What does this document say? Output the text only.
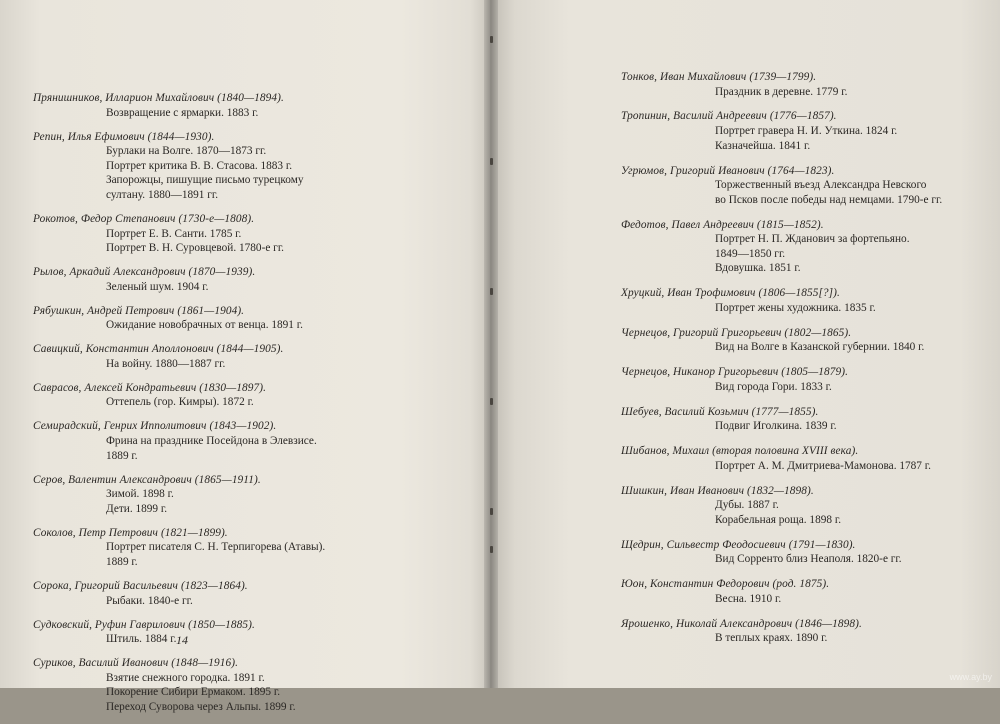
Прянишников, Илларион Михайлович (1840—1894).
Возвращение с ярмарки. 1883 г.
Репин, Илья Ефимович (1844—1930).
Бурлаки на Волге. 1870—1873 гг.
Портрет критика В. В. Стасова. 1883 г.
Запорожцы, пишущие письмо турецкому
султану. 1880—1891 гг.
Рокотов, Федор Степанович (1730-е—1808).
Портрет Е. В. Санти. 1785 г.
Портрет В. Н. Суровцевой. 1780-е гг.
Рылов, Аркадий Александрович (1870—1939).
Зеленый шум. 1904 г.
Рябушкин, Андрей Петрович (1861—1904).
Ожидание новобрачных от венца. 1891 г.
Савицкий, Константин Аполлонович (1844—1905).
На войну. 1880—1887 гг.
Саврасов, Алексей Кондратьевич (1830—1897).
Оттепель (гор. Кимры). 1872 г.
Семирадский, Генрих Ипполитович (1843—1902).
Фрина на празднике Посейдона в Элевзисе.
1889 г.
Серов, Валентин Александрович (1865—1911).
Зимой. 1898 г.
Дети. 1899 г.
Соколов, Петр Петрович (1821—1899).
Портрет писателя С. Н. Терпигорева (Атавы).
1889 г.
Сорока, Григорий Васильевич (1823—1864).
Рыбаки. 1840-е гг.
Судковский, Руфин Гаврилович (1850—1885).
Штиль. 1884 г.
Суриков, Василий Иванович (1848—1916).
Взятие снежного городка. 1891 г.
Покорение Сибири Ермаком. 1895 г.
Переход Суворова через Альпы. 1899 г.
Тонков, Иван Михайлович (1739—1799).
Праздник в деревне. 1779 г.
Тропинин, Василий Андреевич (1776—1857).
Портрет гравера Н. И. Уткина. 1824 г.
Казначейша. 1841 г.
Угрюмов, Григорий Иванович (1764—1823).
Торжественный въезд Александра Невского
во Псков после победы над немцами. 1790-е гг.
Федотов, Павел Андреевич (1815—1852).
Портрет Н. П. Жданович за фортепьяно.
1849—1850 гг.
Вдовушка. 1851 г.
Хруцкий, Иван Трофимович (1806—1855[?]).
Портрет жены художника. 1835 г.
Чернецов, Григорий Григорьевич (1802—1865).
Вид на Волге в Казанской губернии. 1840 г.
Чернецов, Никанор Григорьевич (1805—1879).
Вид города Гори. 1833 г.
Шебуев, Василий Козьмич (1777—1855).
Подвиг Иголкина. 1839 г.
Шибанов, Михаил (вторая половина XVIII века).
Портрет А. М. Дмитриева-Мамонова. 1787 г.
Шишкин, Иван Иванович (1832—1898).
Дубы. 1887 г.
Корабельная роща. 1898 г.
Щедрин, Сильвестр Феодосиевич (1791—1830).
Вид Сорренто близ Неаполя. 1820-е гг.
Юон, Константин Федорович (род. 1875).
Весна. 1910 г.
Ярошенко, Николай Александрович (1846—1898).
В теплых краях. 1890 г.
14
www.ay.by
